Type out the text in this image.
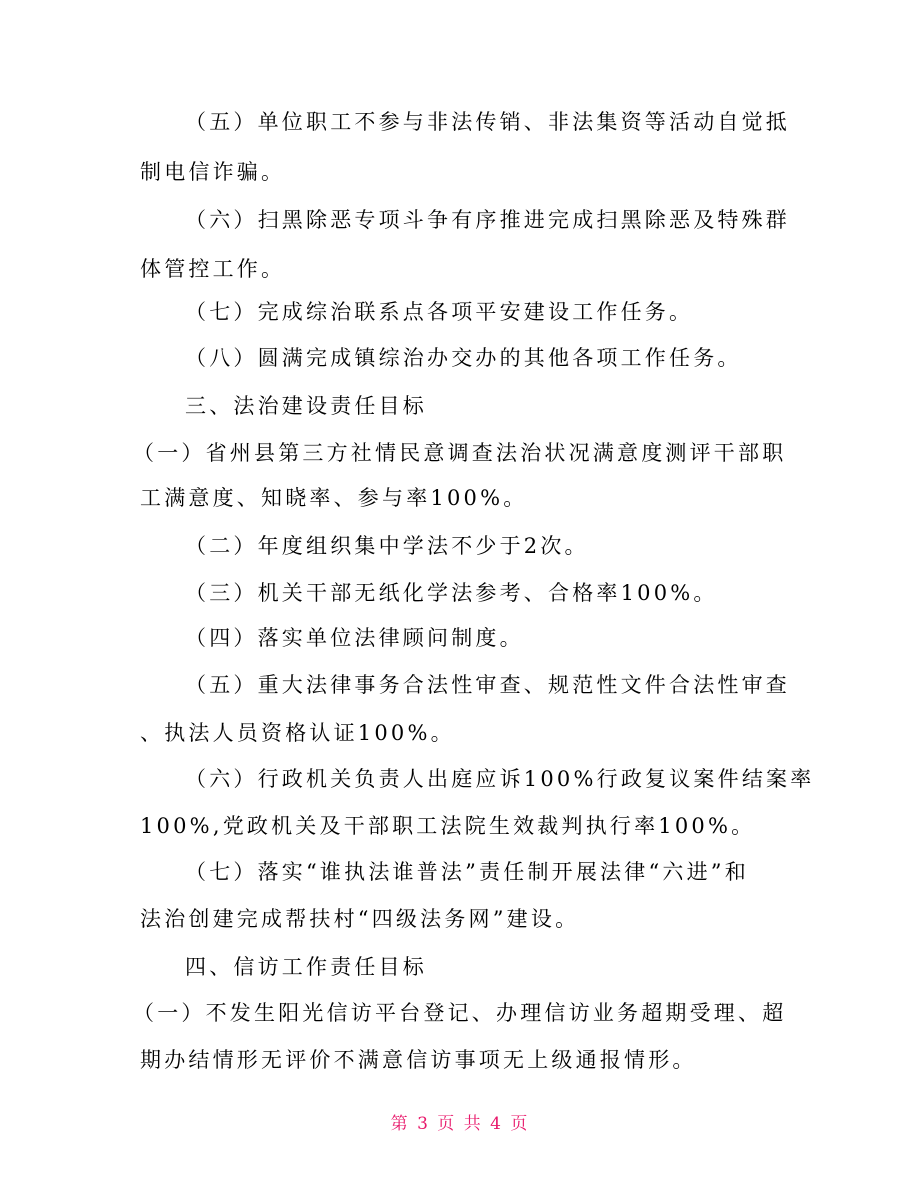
（五）单位职工不参与非法传销、非法集资等活动自觉抵
制电信诈骗。
（六）扫黑除恶专项斗争有序推进完成扫黑除恶及特殊群
体管控工作。
（七）完成综治联系点各项平安建设工作任务。
（八）圆满完成镇综治办交办的其他各项工作任务。
三、法治建设责任目标
（一）省州县第三方社情民意调查法治状况满意度测评干部职
工满意度、知晓率、参与率100%。
（二）年度组织集中学法不少于2次。
（三）机关干部无纸化学法参考、合格率100%。
（四）落实单位法律顾问制度。
（五）重大法律事务合法性审查、规范性文件合法性审查
、执法人员资格认证100%。
（六）行政机关负责人出庭应诉100%行政复议案件结案率
100%,党政机关及干部职工法院生效裁判执行率100%。
（七）落实“谁执法谁普法”责任制开展法律“六进”和
法治创建完成帮扶村“四级法务网”建设。
四、信访工作责任目标
（一）不发生阳光信访平台登记、办理信访业务超期受理、超
期办结情形无评价不满意信访事项无上级通报情形。
第 3 页 共 4 页
